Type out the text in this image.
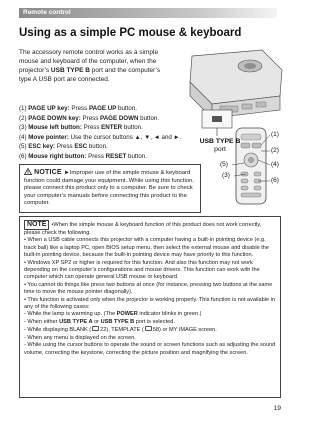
Remote control
Using as a simple PC mouse & keyboard
The accessory remote control works as a simple mouse and keyboard of the computer, when the projector’s USB TYPE B port and the computer’s type A USB port are connected.
(1) PAGE UP key: Press PAGE UP button.
(2) PAGE DOWN key: Press PAGE DOWN button.
(3) Mouse left button: Press ENTER button.
(4) Move pointer: Use the cursor buttons ▲, ▼, ◄ and ►.
(5) ESC key: Press ESC button.
(6) Mouse right button: Press RESET button.
USB TYPE B
port
(1)
(2)
(4)
(6)
(5)
(3)
NOTICE ►Improper use of the simple mouse & keyboard function could damage your equipment. While using this function, please connect this product only to a computer. Be sure to check your computer’s manuals before connecting this product to the computer.
NOTE •When the simple mouse & keyboard function of this product does not work correctly, please check the following.
• When a USB cable connects this projector with a computer having a built-in pointing device (e.g. track ball) like a laptop PC, open BIOS setup menu, then select the external mouse and disable the built-in pointing device, because the built-in pointing device may have priority to this function.
• Windows XP SP2 or higher is required for this function. And also this function may not work depending on the computer’s configurations and mouse drivers. This function can work with the computer which can operate general USB mouse or keyboard.
• You cannot do things like press two buttons at once (for instance, pressing two buttons at the same time to move the mouse pointer diagonally).
• This function is activated only when the projector is working properly. This function is not available in any of the following cases:
- While the lamp is warming up. (The POWER indicator blinks in green.)
- When either USB TYPE A or USB TYPE B port is selected.
- While displaying BLANK ( 22), TEMPLATE ( 58) or MY IMAGE screen.
- When any menu is displayed on the screen.
- While using the cursor buttons to operate the sound or screen functions such as adjusting the sound volume, correcting the keystone, correcting the picture position and magnifying the screen.
19
